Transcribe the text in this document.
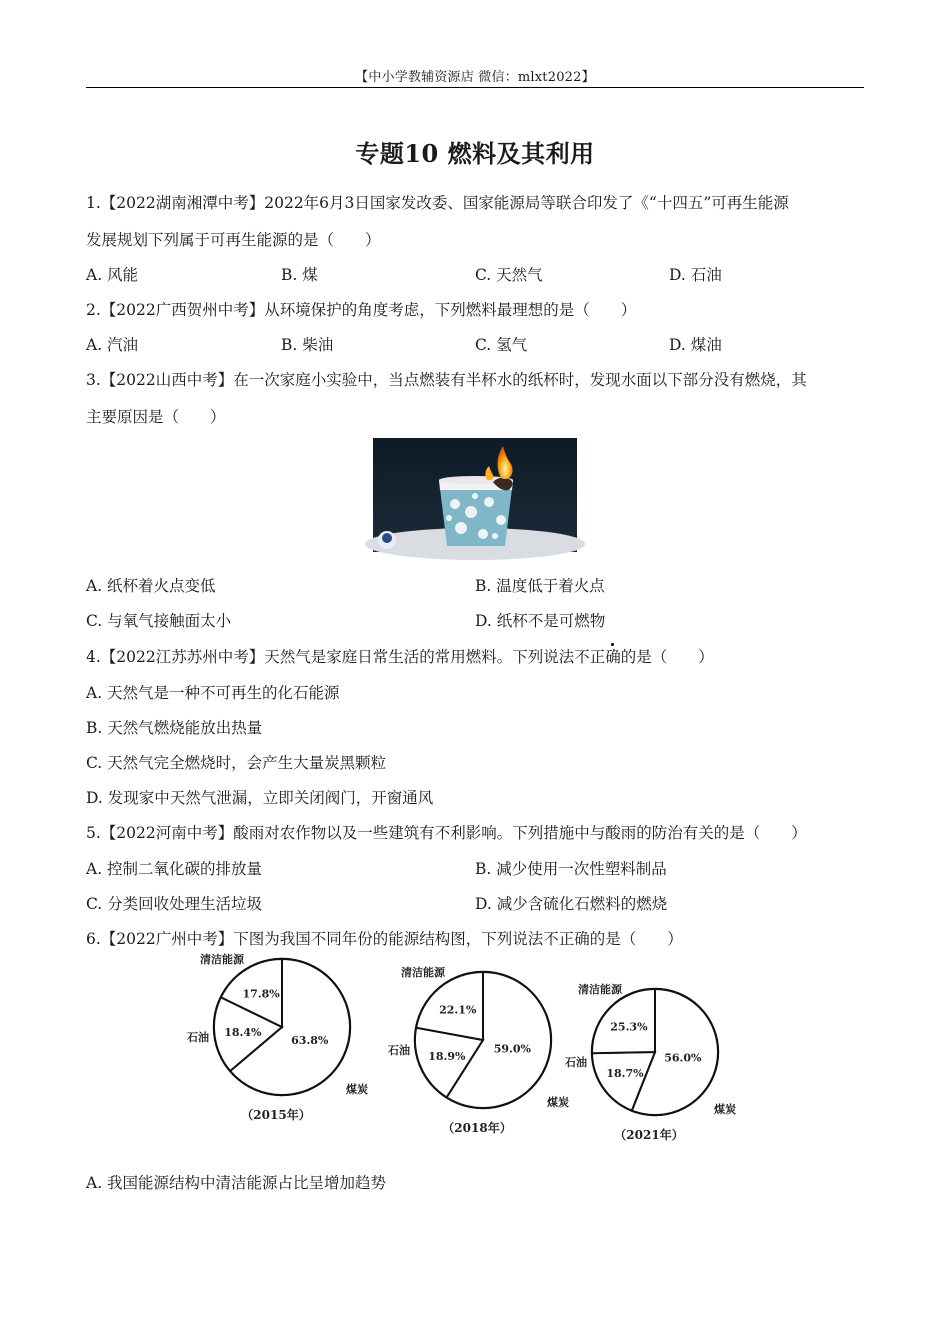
【中小学教辅资源店 微信：mlxt2022】
专题10 燃料及其利用
1.【2022湖南湘潭中考】2022年6月3日国家发改委、国家能源局等联合印发了《“十四五”可再生能源
发展规划下列属于可再生能源的是（　　）
A. 风能	B. 煤	C. 天然气	D. 石油
2.【2022广西贺州中考】从环境保护的角度考虑，下列燃料最理想的是（　　）
A. 汽油	B. 柴油	C. 氢气	D. 煤油
3.【2022山西中考】在一次家庭小实验中，当点燃装有半杯水的纸杯时，发现水面以下部分没有燃烧，其
主要原因是（　　）
A. 纸杯着火点变低	B. 温度低于着火点
C. 与氧气接触面太小	D. 纸杯不是可燃物
4.【2022江苏苏州中考】天然气是家庭日常生活的常用燃料。下列说法不正确的是（　　）
A. 天然气是一种不可再生的化石能源
B. 天然气燃烧能放出热量
C. 天然气完全燃烧时，会产生大量炭黑颗粒
D. 发现家中天然气泄漏，立即关闭阀门，开窗通风
5.【2022河南中考】酸雨对农作物以及一些建筑有不利影响。下列措施中与酸雨的防治有关的是（　　）
A. 控制二氧化碳的排放量	B. 减少使用一次性塑料制品
C. 分类回收处理生活垃圾	D. 减少含硫化石燃料的燃烧
6.【2022广州中考】下图为我国不同年份的能源结构图，下列说法不正确的是（　　）
17.8%
18.4%
63.8%
清洁能源
石油
煤炭
（2015年）
22.1%
18.9%
59.0%
清洁能源
石油
煤炭
（2018年）
25.3%
18.7%
56.0%
清洁能源
石油
煤炭
（2021年）
A. 我国能源结构中清洁能源占比呈增加趋势
